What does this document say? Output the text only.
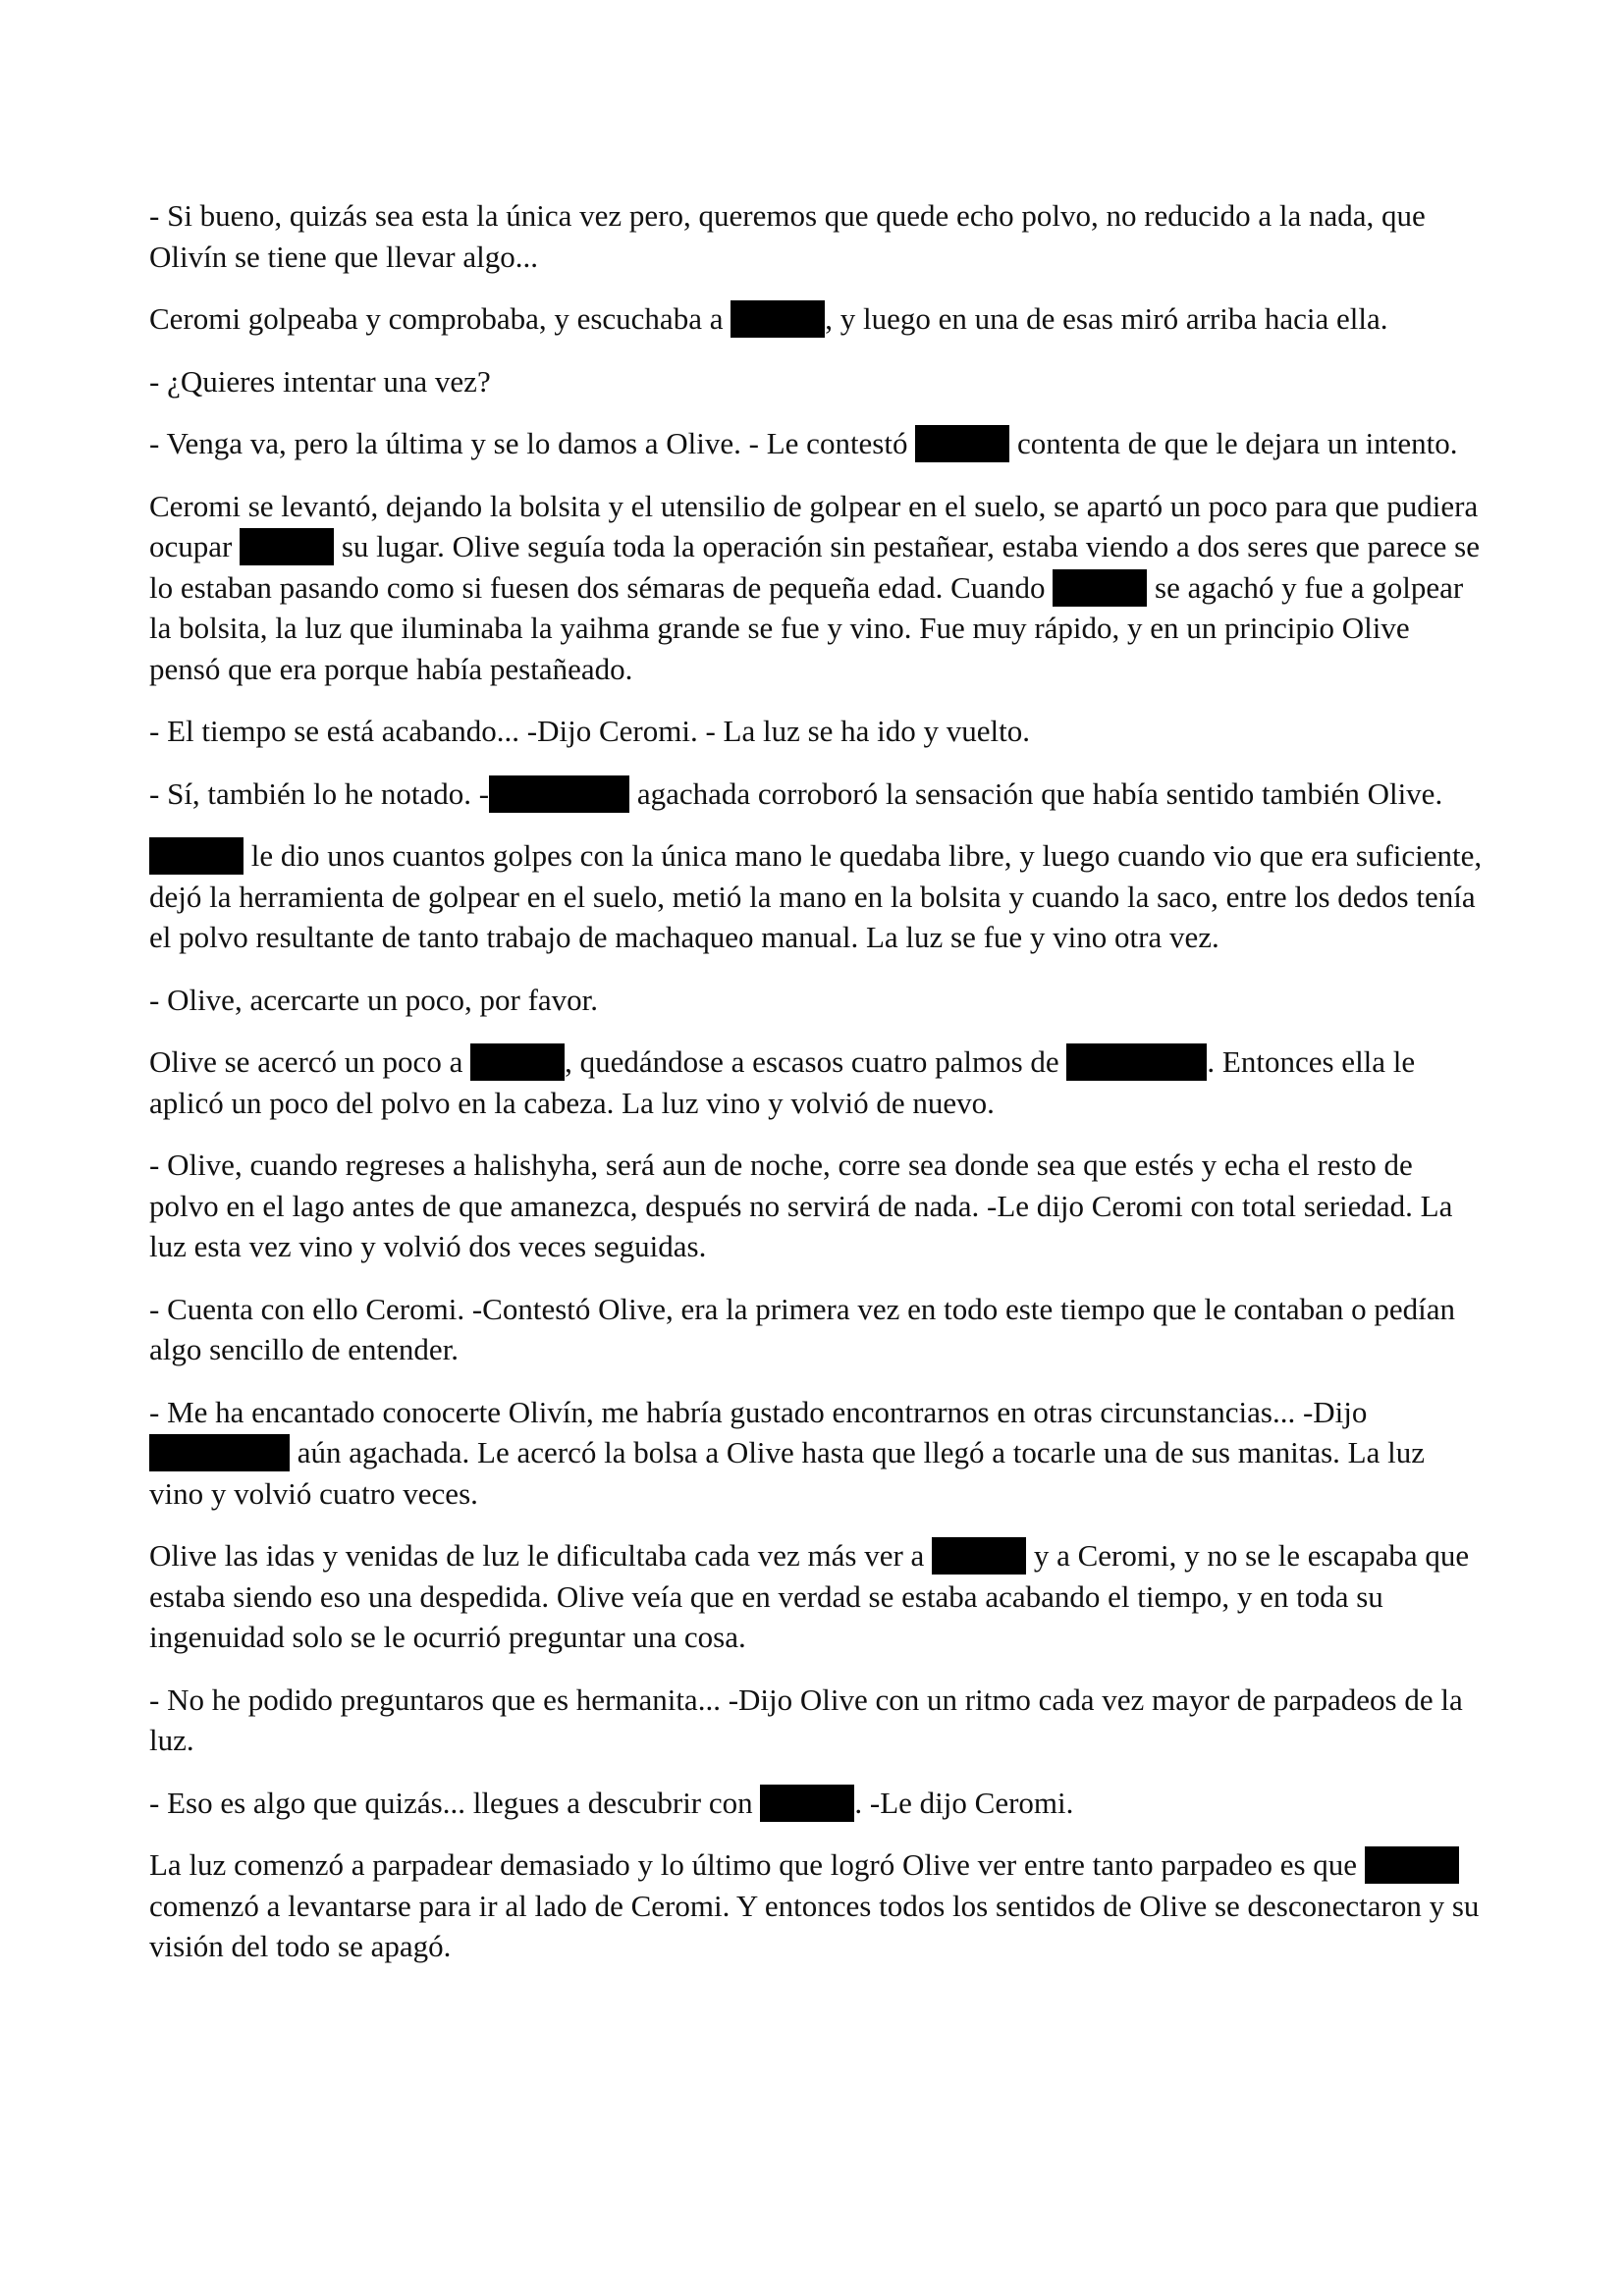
- Si bueno, quizás sea esta la única vez pero, queremos que quede echo polvo, no reducido a la nada, que Olivín se tiene que llevar algo...

Ceromi golpeaba y comprobaba, y escuchaba a	, y luego en una de esas miró arriba hacia ella.

- ¿Quieres intentar una vez?

- Venga va, pero la última y se lo damos a Olive. - Le contestó	contenta de que le dejara un intento.

Ceromi se levantó, dejando la bolsita y el utensilio de golpear en el suelo, se apartó un poco para que pudiera ocupar	su lugar. Olive seguía toda la operación sin pestañear, estaba viendo a dos seres que parece se lo estaban pasando como si fuesen dos sémaras de pequeña edad. Cuando	se agachó y fue a golpear la bolsita, la luz que iluminaba la yaihma grande se fue y vino. Fue muy rápido, y en un principio Olive pensó que era porque había pestañeado.

- El tiempo se está acabando... -Dijo Ceromi. - La luz se ha ido y vuelto.

- Sí, también lo he notado. -	agachada corroboró la sensación que había sentido también Olive.

le dio unos cuantos golpes con la única mano le quedaba libre, y luego cuando vio que era suficiente, dejó la herramienta de golpear en el suelo, metió la mano en la bolsita y cuando la saco, entre los dedos tenía el polvo resultante de tanto trabajo de machaqueo manual. La luz se fue y vino otra vez.

- Olive, acercarte un poco, por favor.

Olive se acercó un poco a	, quedándose a escasos cuatro palmos de	. Entonces ella le aplicó un poco del polvo en la cabeza. La luz vino y volvió de nuevo.

- Olive, cuando regreses a halishyha, será aun de noche, corre sea donde sea que estés y echa el resto de polvo en el lago antes de que amanezca, después no servirá de nada. -Le dijo Ceromi con total seriedad. La luz esta vez vino y volvió dos veces seguidas.

- Cuenta con ello Ceromi. -Contestó Olive, era la primera vez en todo este tiempo que le contaban o pedían algo sencillo de entender.

- Me ha encantado conocerte Olivín, me habría gustado encontrarnos en otras circunstancias... -Dijo  aún agachada. Le acercó la bolsa a Olive hasta que llegó a tocarle una de sus manitas. La luz vino y volvió cuatro veces.

Olive las idas y venidas de luz le dificultaba cada vez más ver a	y a Ceromi, y no se le escapaba que estaba siendo eso una despedida. Olive veía que en verdad se estaba acabando el tiempo, y en toda su ingenuidad solo se le ocurrió preguntar una cosa.

- No he podido preguntaros que es hermanita... -Dijo Olive con un ritmo cada vez mayor de parpadeos de la luz.

- Eso es algo que quizás... llegues a descubrir con	. -Le dijo Ceromi.

La luz comenzó a parpadear demasiado y lo último que logró Olive ver entre tanto parpadeo es que  comenzó a levantarse para ir al lado de Ceromi. Y entonces todos los sentidos de Olive se desconectaron y su visión del todo se apagó.
